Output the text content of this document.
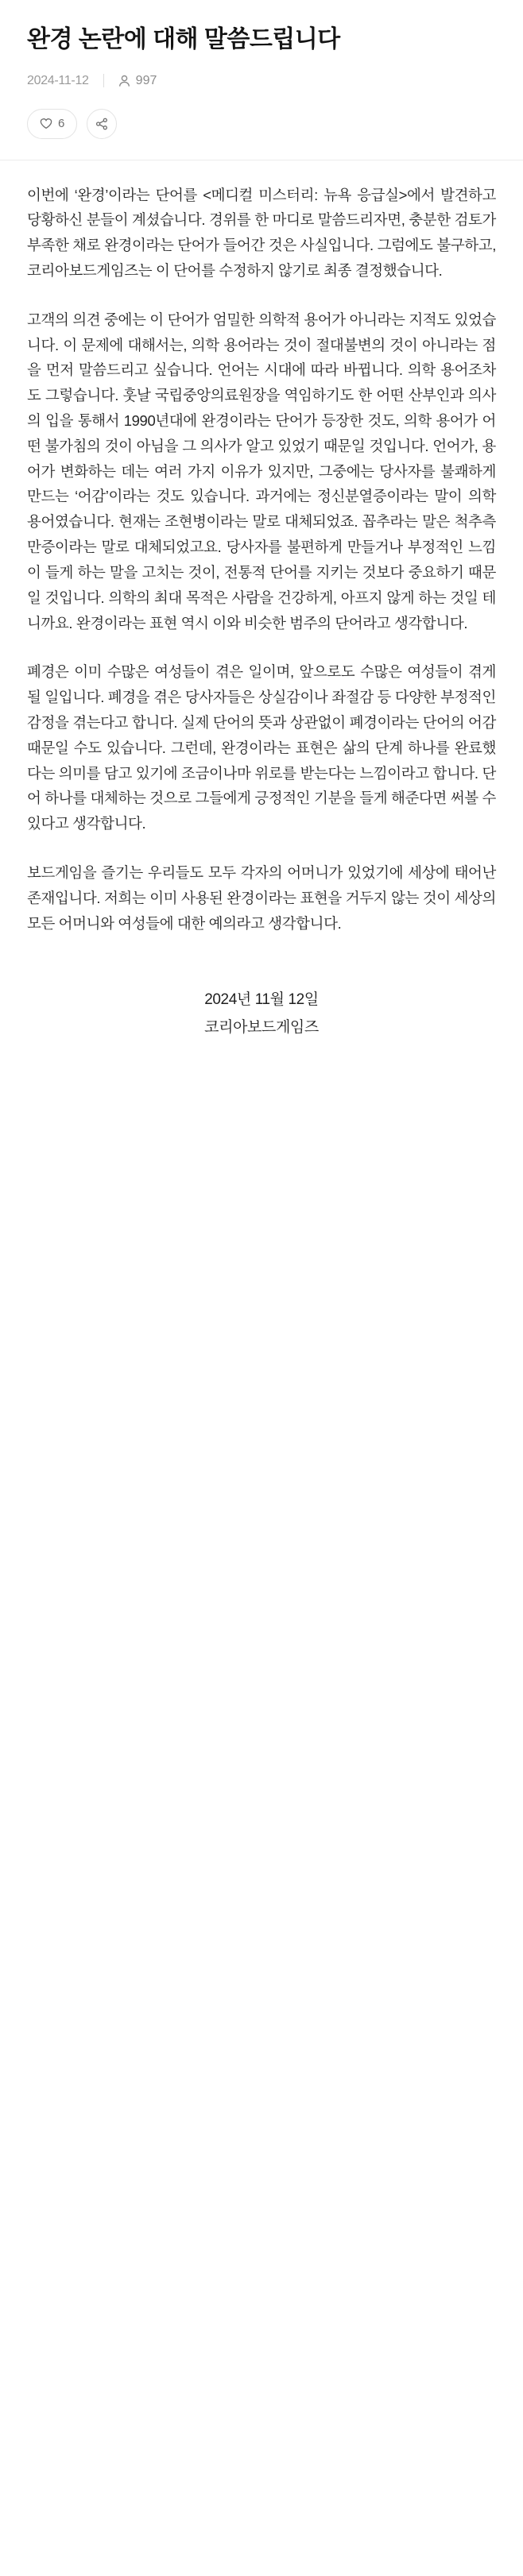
완경 논란에 대해 말씀드립니다
2024-11-12	997
6

이번에 ‘완경’이라는 단어를 <메디컬 미스터리: 뉴욕 응급실>에서 발견하고 당황하신 분들이 계셨습니다. 경위를 한 마디로 말씀드리자면, 충분한 검토가 부족한 채로 완경이라는 단어가 들어간 것은 사실입니다. 그럼에도 불구하고, 코리아보드게임즈는 이 단어를 수정하지 않기로 최종 결정했습니다.

고객의 의견 중에는 이 단어가 엄밀한 의학적 용어가 아니라는 지적도 있었습니다. 이 문제에 대해서는, 의학 용어라는 것이 절대불변의 것이 아니라는 점을 먼저 말씀드리고 싶습니다. 언어는 시대에 따라 바뀝니다. 의학 용어조차도 그렇습니다. 훗날 국립중앙의료원장을 역임하기도 한 어떤 산부인과 의사의 입을 통해서 1990년대에 완경이라는 단어가 등장한 것도, 의학 용어가 어떤 불가침의 것이 아님을 그 의사가 알고 있었기 때문일 것입니다. 언어가, 용어가 변화하는 데는 여러 가지 이유가 있지만, 그중에는 당사자를 불쾌하게 만드는 ‘어감’이라는 것도 있습니다. 과거에는 정신분열증이라는 말이 의학 용어였습니다. 현재는 조현병이라는 말로 대체되었죠. 꼽추라는 말은 척추측만증이라는 말로 대체되었고요. 당사자를 불편하게 만들거나 부정적인 느낌이 들게 하는 말을 고치는 것이, 전통적 단어를 지키는 것보다 중요하기 때문일 것입니다. 의학의 최대 목적은 사람을 건강하게, 아프지 않게 하는 것일 테니까요. 완경이라는 표현 역시 이와 비슷한 범주의 단어라고 생각합니다.

폐경은 이미 수많은 여성들이 겪은 일이며, 앞으로도 수많은 여성들이 겪게 될 일입니다. 폐경을 겪은 당사자들은 상실감이나 좌절감 등 다양한 부정적인 감정을 겪는다고 합니다. 실제 단어의 뜻과 상관없이 폐경이라는 단어의 어감 때문일 수도 있습니다. 그런데, 완경이라는 표현은 삶의 단계 하나를 완료했다는 의미를 담고 있기에 조금이나마 위로를 받는다는 느낌이라고 합니다. 단어 하나를 대체하는 것으로 그들에게 긍정적인 기분을 들게 해준다면 써볼 수 있다고 생각합니다.

보드게임을 즐기는 우리들도 모두 각자의 어머니가 있었기에 세상에 태어난 존재입니다. 저희는 이미 사용된 완경이라는 표현을 거두지 않는 것이 세상의 모든 어머니와 여성들에 대한 예의라고 생각합니다.

2024년 11월 12일
코리아보드게임즈
